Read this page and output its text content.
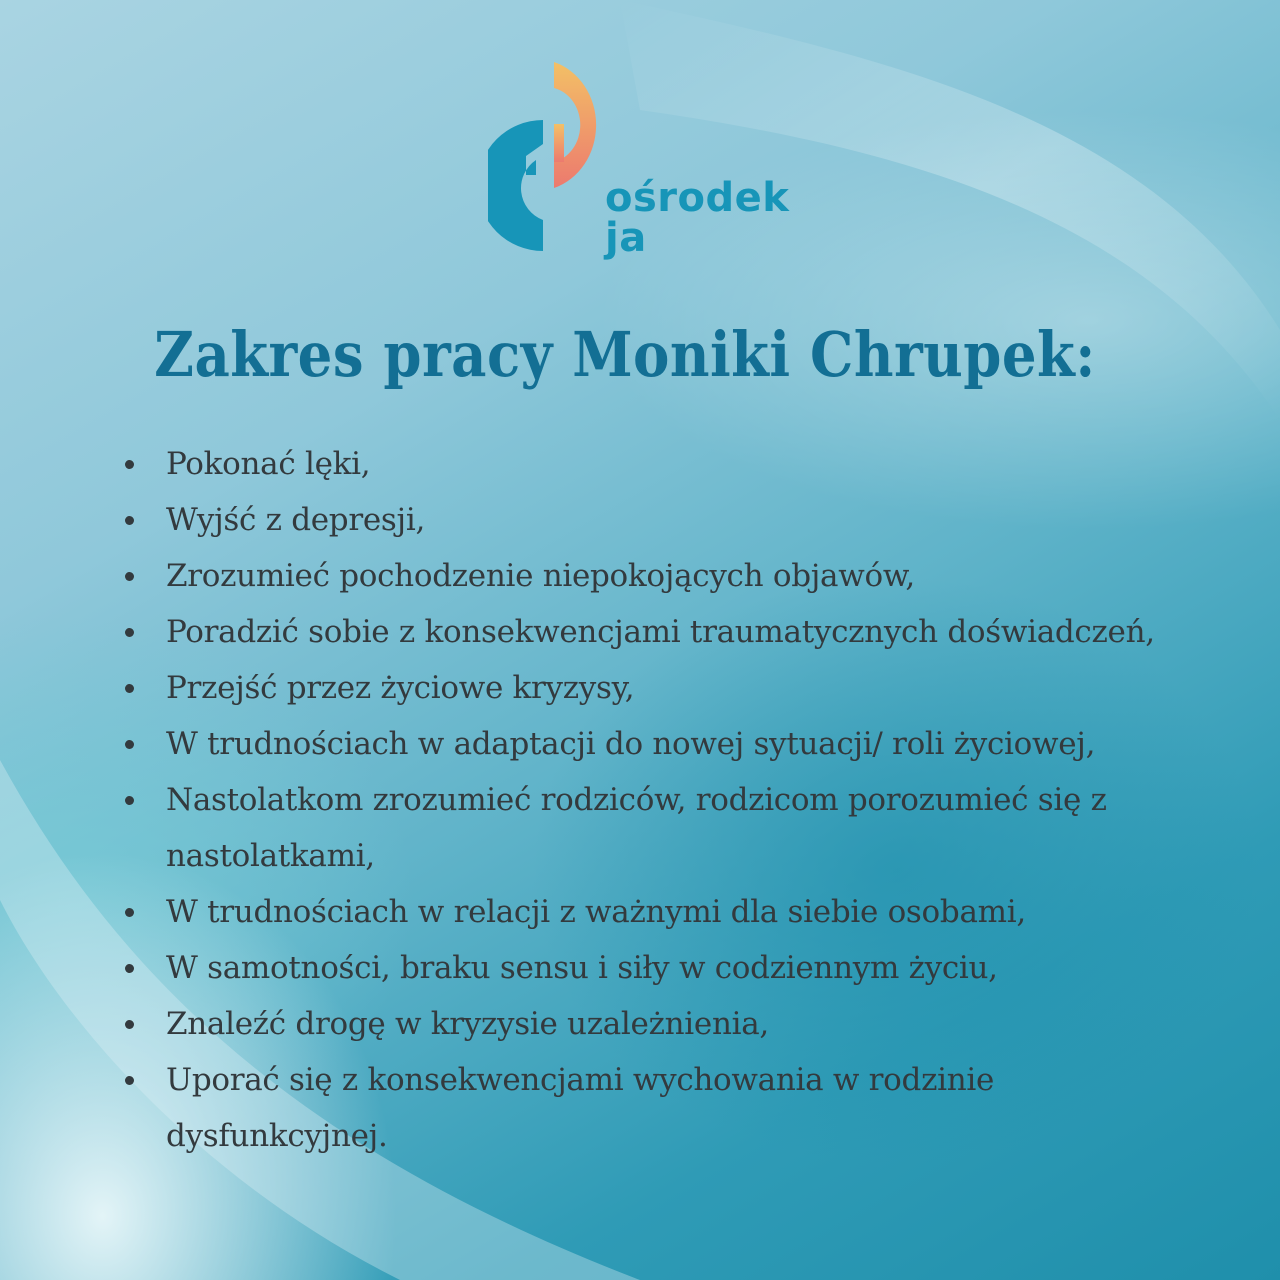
ośrodek
ja
Zakres pracy Moniki Chrupek:
Pokonać lęki,
Wyjść z depresji,
Zrozumieć pochodzenie niepokojących objawów,
Poradzić sobie z konsekwencjami traumatycznych doświadczeń,
Przejść przez życiowe kryzysy,
W trudnościach w adaptacji do nowej sytuacji/ roli życiowej,
Nastolatkom zrozumieć rodziców, rodzicom porozumieć się z nastolatkami,
W trudnościach w relacji z ważnymi dla siebie osobami,
W samotności, braku sensu i siły w codziennym życiu,
Znaleźć drogę w kryzysie uzależnienia,
Uporać się z konsekwencjami wychowania w rodzinie dysfunkcyjnej.
